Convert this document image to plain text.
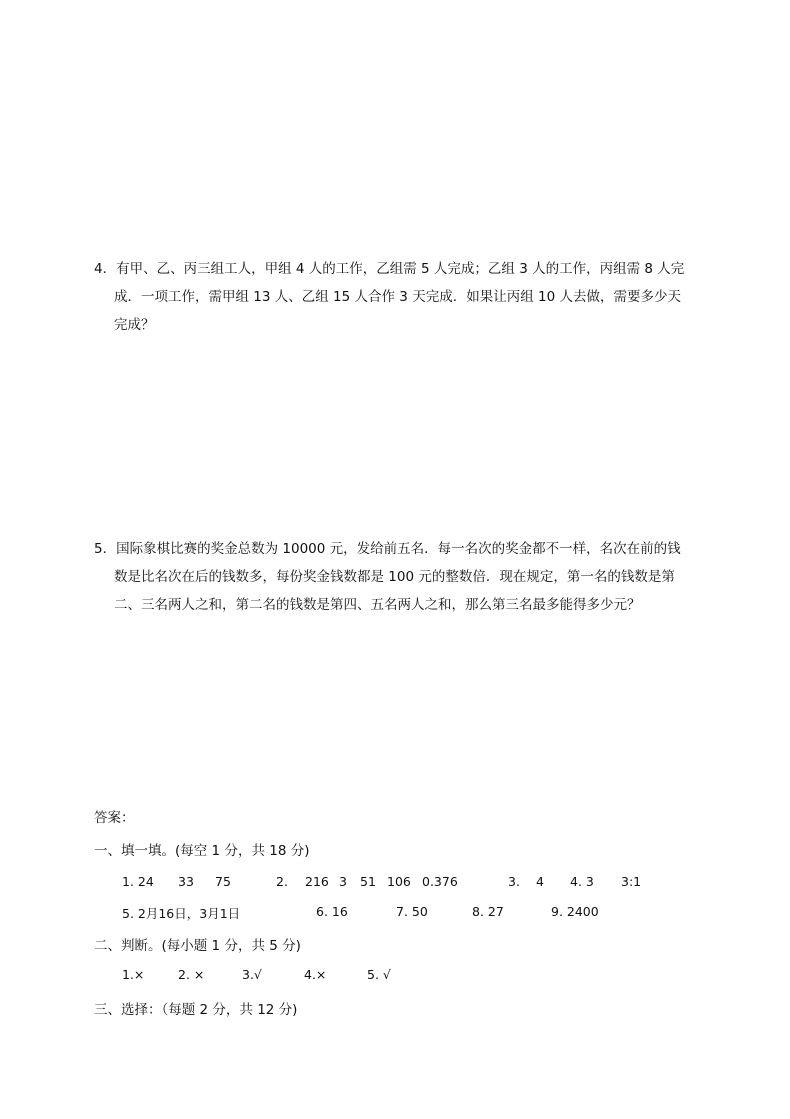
4．有甲、乙、丙三组工人，甲组 4 人的工作，乙组需 5 人完成；乙组 3 人的工作，丙组需 8 人完
成．一项工作，需甲组 13 人、乙组 15 人合作 3 天完成．如果让丙组 10 人去做，需要多少天
完成？
5．国际象棋比赛的奖金总数为 10000 元，发给前五名．每一名次的奖金都不一样，名次在前的钱
数是比名次在后的钱数多，每份奖金钱数都是 100 元的整数倍．现在规定，第一名的钱数是第
二、三名两人之和，第二名的钱数是第四、五名两人之和，那么第三名最多能得多少元？
答案：
一、填一填。(每空 1 分，共 18 分)
1. 24 33 75	2. 216 3 51 106 0.376	3. 4 4. 3 3:1
5. 2月16日，3月1日	6. 16	7. 50	8. 27	9. 2400
二、判断。(每小题 1 分，共 5 分)
1.×	2. ×	3.√	4.×	5. √
三、选择：（每题 2 分，共 12 分)
